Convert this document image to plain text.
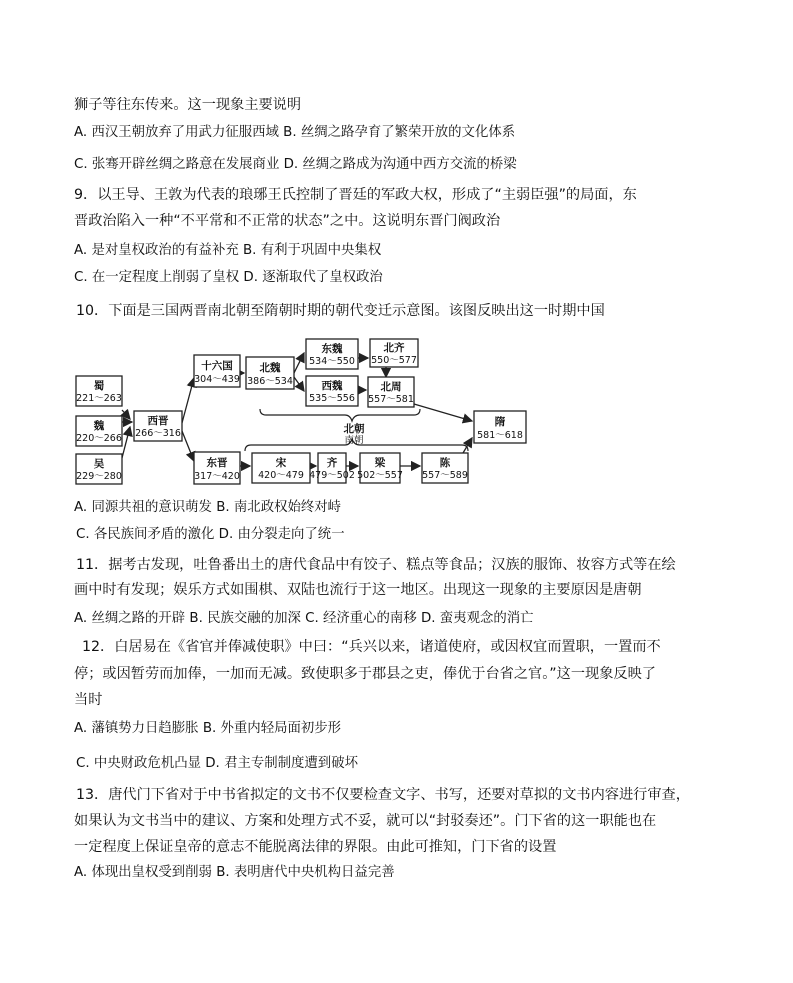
狮子等往东传来。这一现象主要说明
A. 西汉王朝放弃了用武力征服西域 B. 丝绸之路孕育了繁荣开放的文化体系
C. 张骞开辟丝绸之路意在发展商业 D. 丝绸之路成为沟通中西方交流的桥梁
9．以王导、王敦为代表的琅琊王氏控制了晋廷的军政大权，形成了“主弱臣强”的局面，东
晋政治陷入一种“不平常和不正常的状态”之中。这说明东晋门阀政治
A. 是对皇权政治的有益补充 B. 有利于巩固中央集权
C. 在一定程度上削弱了皇权 D. 逐渐取代了皇权政治
10．下面是三国两晋南北朝至隋朝时期的朝代变迁示意图。该图反映出这一时期中国
北朝
南朝
蜀
221～263
魏
220～266
吴
229～280
西晋
266～316
十六国
304～439
东晋
317～420
北魏
386～534
东魏
534～550
西魏
535～556
北齐
550～577
北周
557～581
宋
420～479
齐
479～502
梁
502～557
陈
557～589
隋
581～618
A. 同源共祖的意识萌发 B. 南北政权始终对峙
C. 各民族间矛盾的激化 D. 由分裂走向了统一
11．据考古发现，吐鲁番出土的唐代食品中有饺子、糕点等食品；汉族的服饰、妆容方式等在绘
画中时有发现；娱乐方式如围棋、双陆也流行于这一地区。出现这一现象的主要原因是唐朝
A. 丝绸之路的开辟 B. 民族交融的加深 C. 经济重心的南移 D. 蛮夷观念的消亡
12．白居易在《省官并俸减使职》中曰：“兵兴以来，诸道使府，或因权宜而置职，一置而不
停；或因暂劳而加俸，一加而无减。致使职多于郡县之吏，俸优于台省之官。”这一现象反映了
当时
A. 藩镇势力日趋膨胀 B. 外重内轻局面初步形
C. 中央财政危机凸显 D. 君主专制制度遭到破坏
13．唐代门下省对于中书省拟定的文书不仅要检查文字、书写，还要对草拟的文书内容进行审查，
如果认为文书当中的建议、方案和处理方式不妥，就可以“封驳奏还”。门下省的这一职能也在
一定程度上保证皇帝的意志不能脱离法律的界限。由此可推知，门下省的设置
A. 体现出皇权受到削弱 B. 表明唐代中央机构日益完善
